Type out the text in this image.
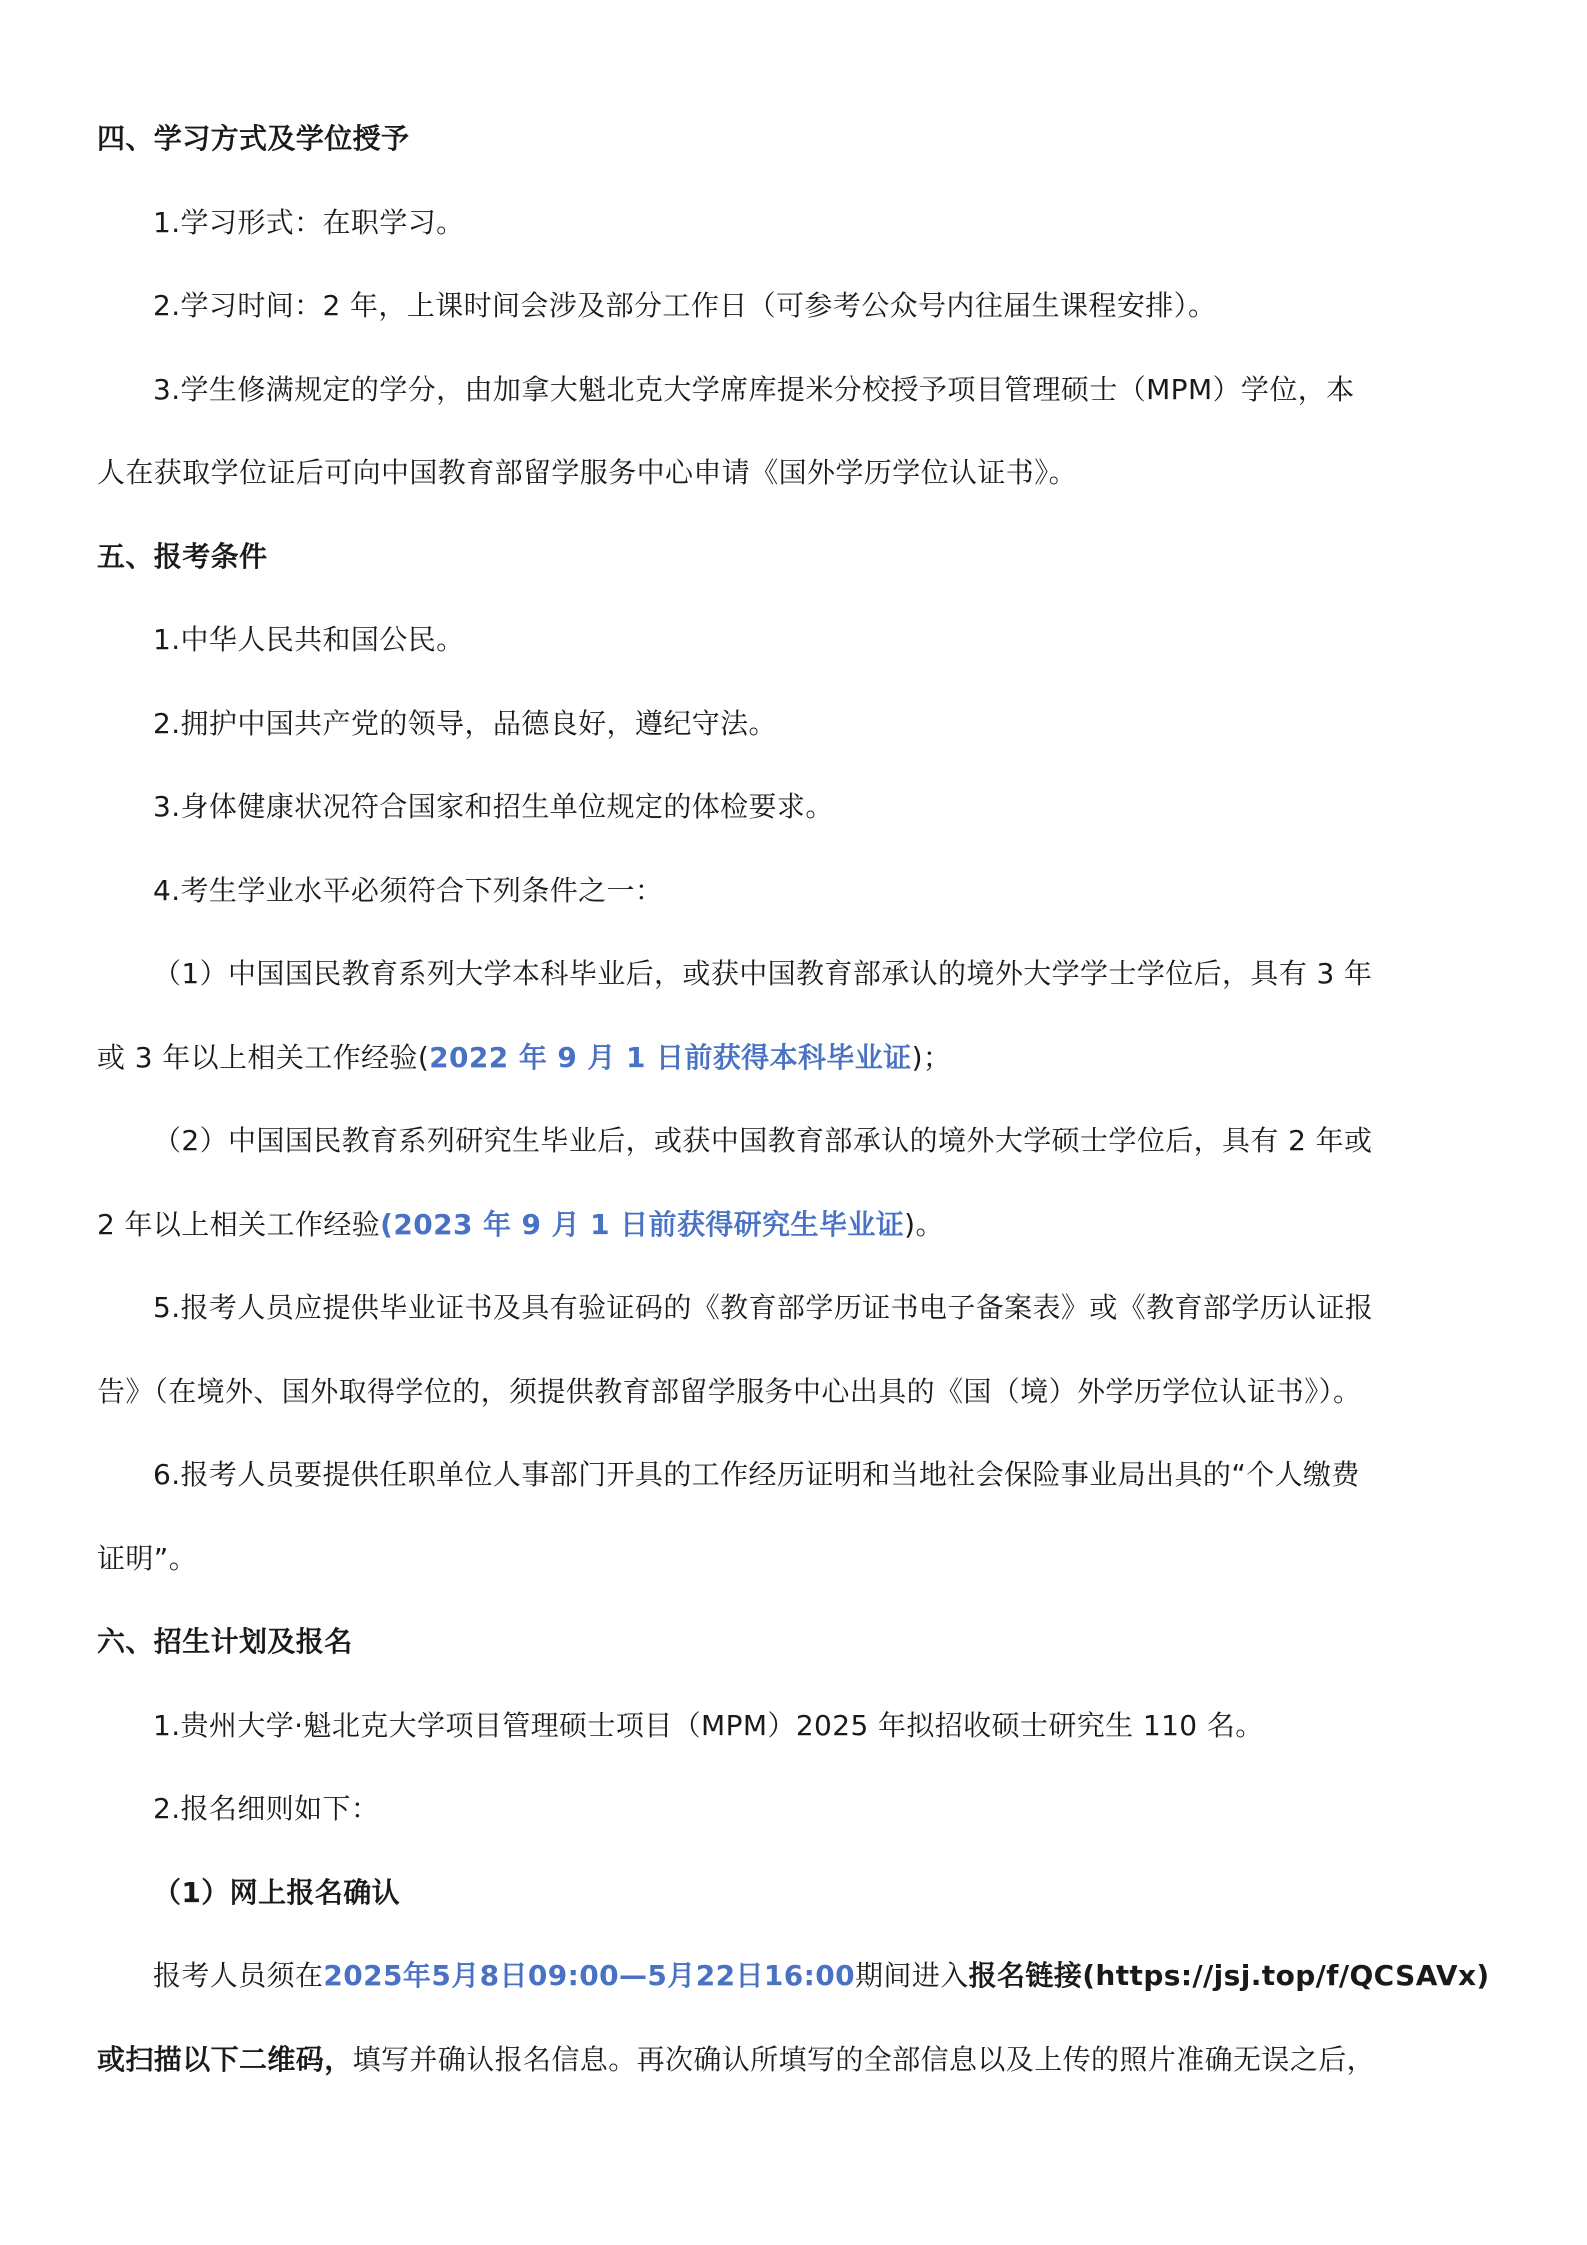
四、学习方式及学位授予
1.学习形式：在职学习。
2.学习时间：2 年，上课时间会涉及部分工作日（可参考公众号内往届生课程安排）。
3.学生修满规定的学分，由加拿大魁北克大学席库提米分校授予项目管理硕士（MPM）学位，本
人在获取学位证后可向中国教育部留学服务中心申请《国外学历学位认证书》。
五、报考条件
1.中华人民共和国公民。
2.拥护中国共产党的领导，品德良好，遵纪守法。
3.身体健康状况符合国家和招生单位规定的体检要求。
4.考生学业水平必须符合下列条件之一：
（1）中国国民教育系列大学本科毕业后，或获中国教育部承认的境外大学学士学位后，具有 3 年
或 3 年以上相关工作经验(2022 年 9 月 1 日前获得本科毕业证)；
（2）中国国民教育系列研究生毕业后，或获中国教育部承认的境外大学硕士学位后，具有 2 年或
2 年以上相关工作经验(2023 年 9 月 1 日前获得研究生毕业证)。
5.报考人员应提供毕业证书及具有验证码的《教育部学历证书电子备案表》或《教育部学历认证报
告》（在境外、国外取得学位的，须提供教育部留学服务中心出具的《国（境）外学历学位认证书》）。
6.报考人员要提供任职单位人事部门开具的工作经历证明和当地社会保险事业局出具的“个人缴费
证明”。
六、招生计划及报名
1.贵州大学·魁北克大学项目管理硕士项目（MPM）2025 年拟招收硕士研究生 110 名。
2.报名细则如下：
（1）网上报名确认
报考人员须在2025年5月8日09:00—5月22日16:00期间进入报名链接(https://jsj.top/f/QCSAVx)
或扫描以下二维码，填写并确认报名信息。再次确认所填写的全部信息以及上传的照片准确无误之后，
